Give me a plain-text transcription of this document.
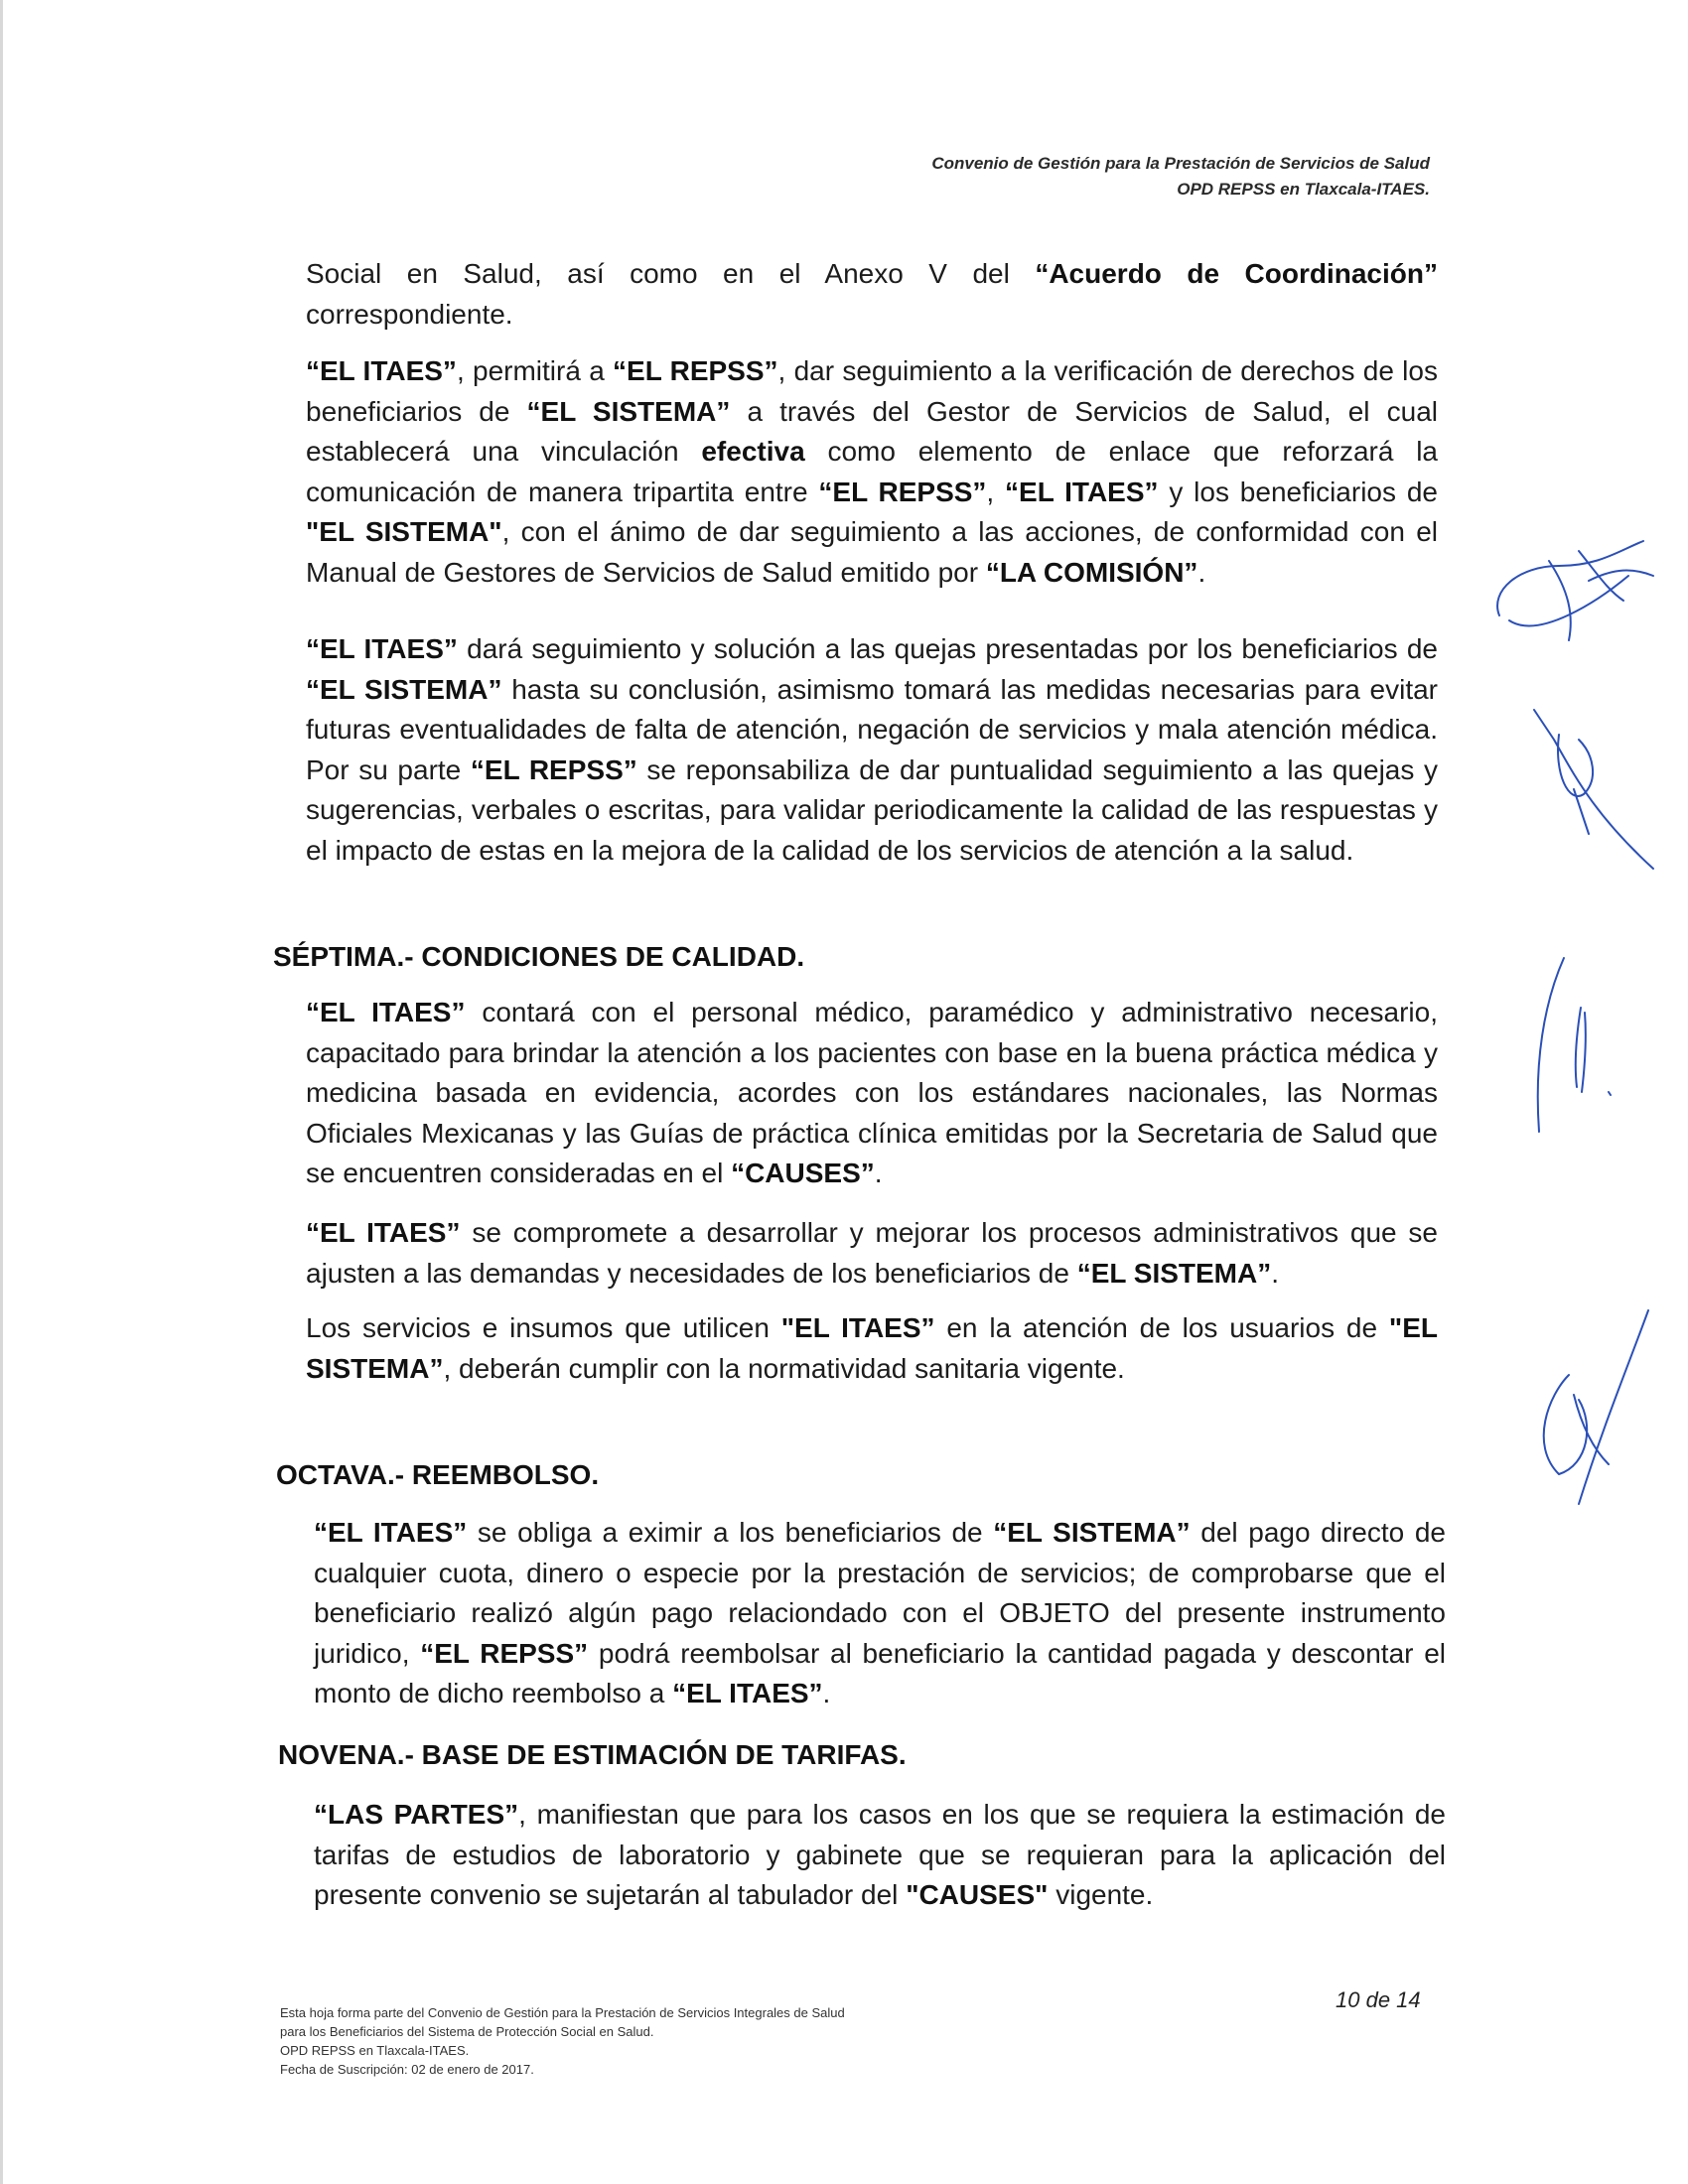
Convenio de Gestión para la Prestación de Servicios de Salud
OPD REPSS en Tlaxcala-ITAES.
Social en Salud, así como en el Anexo V del “Acuerdo de Coordinación” correspondiente.
“EL ITAES”, permitirá a “EL REPSS”, dar seguimiento a la verificación de derechos de los beneficiarios de “EL SISTEMA” a través del Gestor de Servicios de Salud, el cual establecerá una vinculación efectiva como elemento de enlace que reforzará la comunicación de manera tripartita entre “EL REPSS”, “EL ITAES” y los beneficiarios de "EL SISTEMA", con el ánimo de dar seguimiento a las acciones, de conformidad con el Manual de Gestores de Servicios de Salud emitido por “LA COMISIÓN”.
“EL ITAES” dará seguimiento y solución a las quejas presentadas por los beneficiarios de “EL SISTEMA” hasta su conclusión, asimismo tomará las medidas necesarias para evitar futuras eventualidades de falta de atención, negación de servicios y mala atención médica. Por su parte “EL REPSS” se reponsabiliza de dar puntualidad seguimiento a las quejas y sugerencias, verbales o escritas, para validar periodicamente la calidad de las respuestas y el impacto de estas en la mejora de la calidad de los servicios de atención a la salud.
SÉPTIMA.- CONDICIONES DE CALIDAD.
“EL ITAES” contará con el personal médico, paramédico y administrativo necesario, capacitado para brindar la atención a los pacientes con base en la buena práctica médica y medicina basada en evidencia, acordes con los estándares nacionales, las Normas Oficiales Mexicanas y las Guías de práctica clínica emitidas por la Secretaria de Salud que se encuentren consideradas en el “CAUSES”.
“EL ITAES” se compromete a desarrollar y mejorar los procesos administrativos que se ajusten a las demandas y necesidades de los beneficiarios de “EL SISTEMA”.
Los servicios e insumos que utilicen "EL ITAES” en la atención de los usuarios de "EL SISTEMA”, deberán cumplir con la normatividad sanitaria vigente.
OCTAVA.- REEMBOLSO.
“EL ITAES” se obliga a eximir a los beneficiarios de “EL SISTEMA” del pago directo de cualquier cuota, dinero o especie por la prestación de servicios; de comprobarse que el beneficiario realizó algún pago relaciondado con el OBJETO del presente instrumento juridico, “EL REPSS” podrá reembolsar al beneficiario la cantidad pagada y descontar el monto de dicho reembolso a “EL ITAES”.
NOVENA.- BASE DE ESTIMACIÓN DE TARIFAS.
“LAS PARTES”, manifiestan que para los casos en los que se requiera la estimación de tarifas de estudios de laboratorio y gabinete que se requieran para la aplicación del presente convenio se sujetarán al tabulador del "CAUSES" vigente.
Esta hoja forma parte del Convenio de Gestión para la Prestación de Servicios Integrales de Salud
para los Beneficiarios del Sistema de Protección Social en Salud.
OPD REPSS en Tlaxcala-ITAES.
Fecha de Suscripción: 02 de enero de 2017.
10 de 14
